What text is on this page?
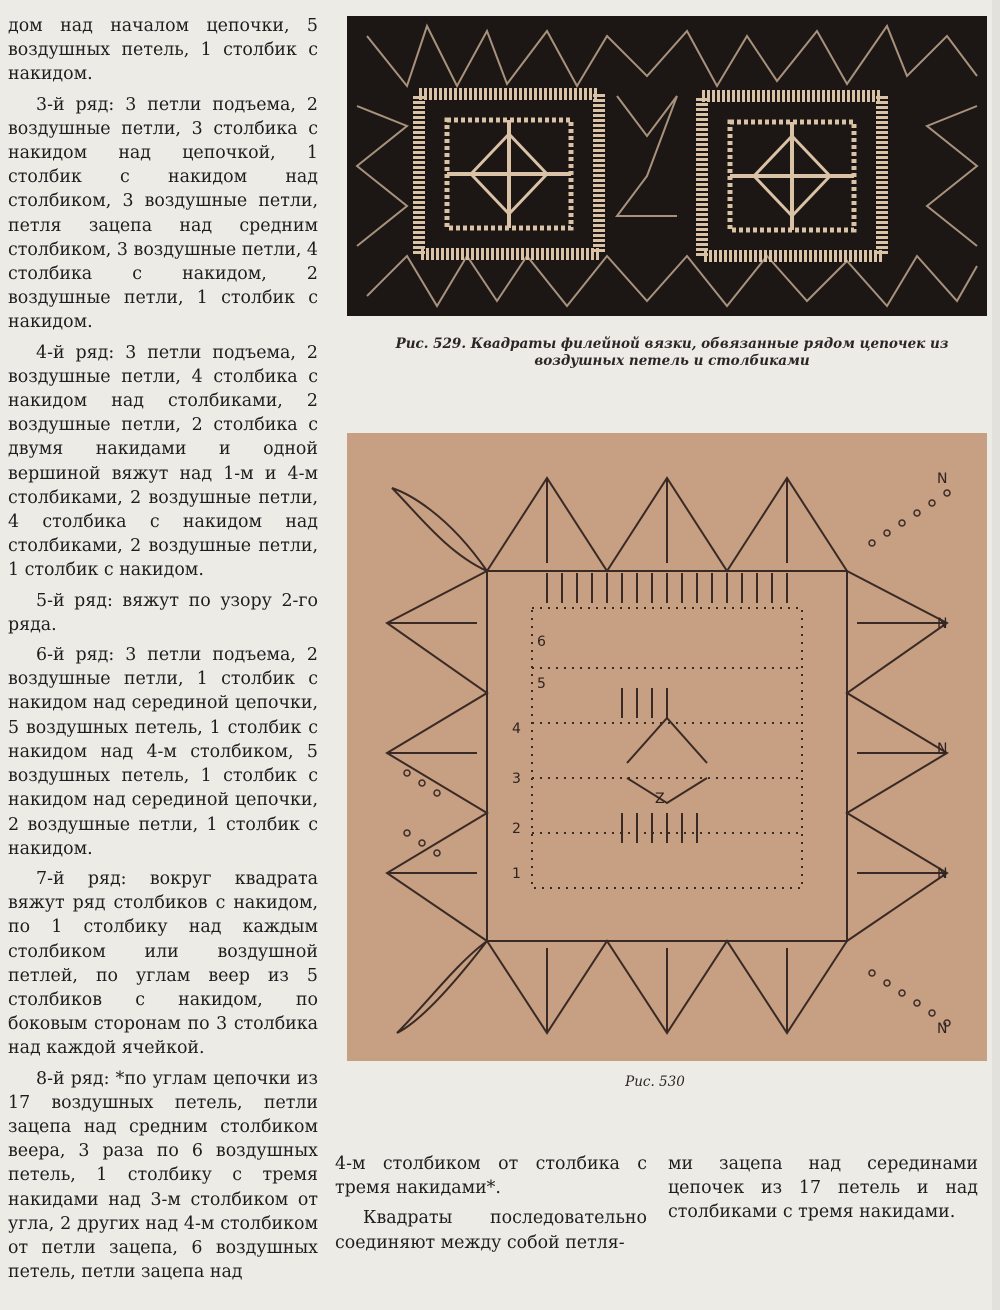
дом над началом цепочки, 5 воздушных петель, 1 столбик с накидом.

3-й ряд: 3 петли подъема, 2 воздушные петли, 3 столбика с накидом над цепочкой, 1 столбик с накидом над столбиком, 3 воздушные петли, петля зацепа над средним столбиком, 3 воздушные петли, 4 столбика с накидом, 2 воздушные петли, 1 столбик с накидом.

4-й ряд: 3 петли подъема, 2 воздушные петли, 4 столбика с накидом над столбиками, 2 воздушные петли, 2 столбика с двумя накидами и одной вершиной вяжут над 1-м и 4-м столбиками, 2 воздушные петли, 4 столбика с накидом над столбиками, 2 воздушные петли, 1 столбик с накидом.

5-й ряд: вяжут по узору 2-го ряда.

6-й ряд: 3 петли подъема, 2 воздушные петли, 1 столбик с накидом над серединой цепочки, 5 воздушных петель, 1 столбик с накидом над 4-м столбиком, 5 воздушных петель, 1 столбик с накидом над серединой цепочки, 2 воздушные петли, 1 столбик с накидом.

7-й ряд: вокруг квадрата вяжут ряд столбиков с накидом, по 1 столбику над каждым столбиком или воздушной петлей, по углам веер из 5 столбиков с накидом, по боковым сторонам по 3 столбика над каждой ячейкой.

8-й ряд: *по углам цепочки из 17 воздушных петель, петли зацепа над средним столбиком веера, 3 раза по 6 воздушных петель, 1 столбику с тремя накидами над 3-м столбиком от угла, 2 других над 4-м столбиком от петли зацепа, 6 воздушных петель, петли зацепа над

Рис. 529. Квадраты филейной вязки, обвязанные рядом цепочек из воздушных петель и столбиками
1
2
3
4
5
6
Z
N
N
N
N
N
Рис. 530

4-м столбиком от столбика с тремя накидами*.

Квадраты последовательно соединяют между собой петля-

ми зацепа над серединами цепочек из 17 петель и над столбиками с тремя накидами.
